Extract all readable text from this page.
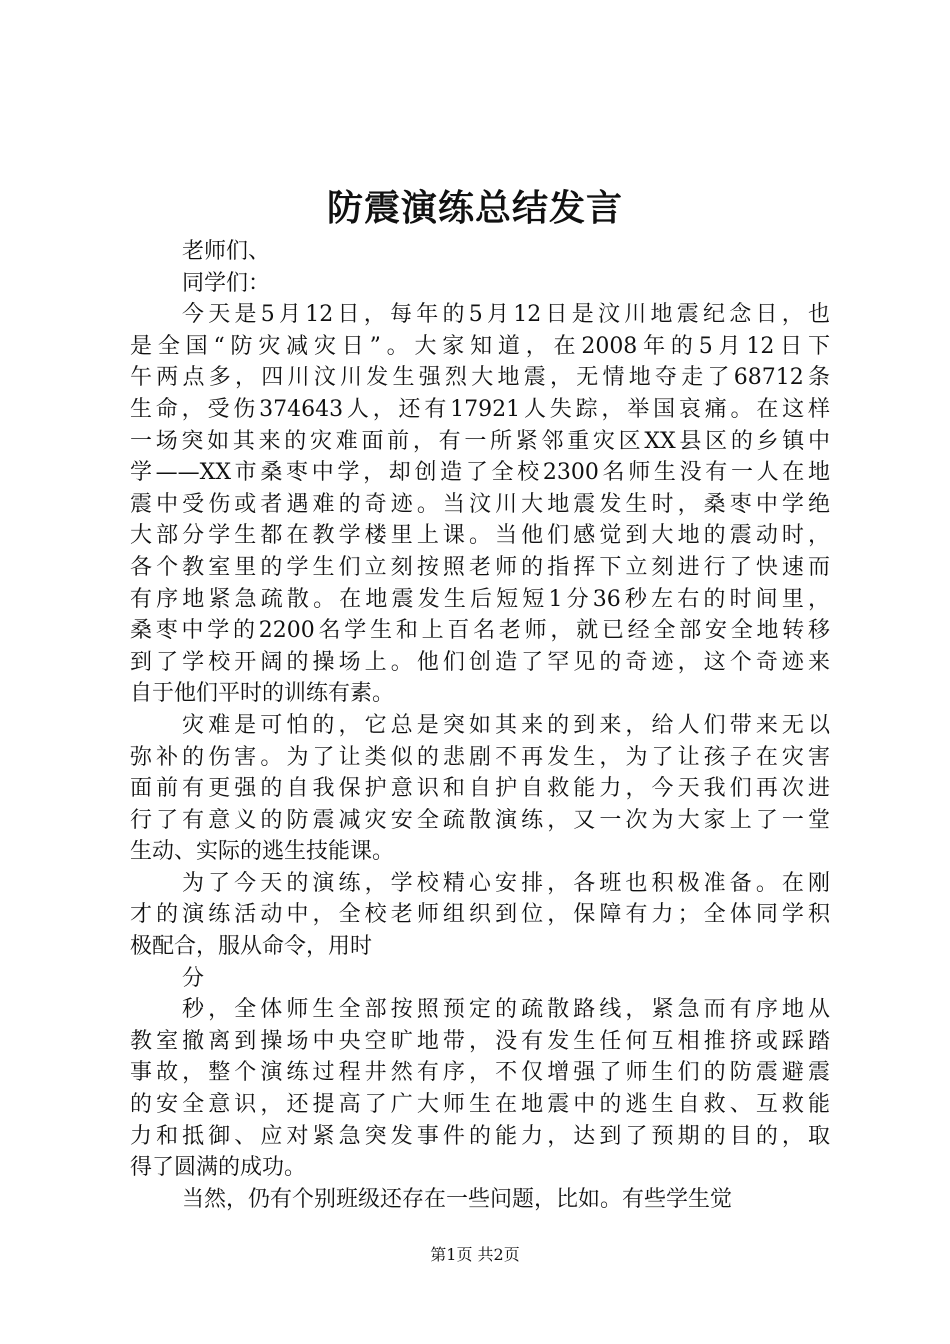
防震演练总结发言
老师们、
同学们：
今天是5月12日，每年的5月12日是汶川地震纪念日，也
是全国“防灾减灾日”。大家知道，在2008年的5月12日下
午两点多，四川汶川发生强烈大地震，无情地夺走了68712条
生命，受伤374643人，还有17921人失踪，举国哀痛。在这样
一场突如其来的灾难面前，有一所紧邻重灾区XX县区的乡镇中
学——XX市桑枣中学，却创造了全校2300名师生没有一人在地
震中受伤或者遇难的奇迹。当汶川大地震发生时，桑枣中学绝
大部分学生都在教学楼里上课。当他们感觉到大地的震动时，
各个教室里的学生们立刻按照老师的指挥下立刻进行了快速而
有序地紧急疏散。在地震发生后短短1分36秒左右的时间里，
桑枣中学的2200名学生和上百名老师，就已经全部安全地转移
到了学校开阔的操场上。他们创造了罕见的奇迹，这个奇迹来
自于他们平时的训练有素。
灾难是可怕的，它总是突如其来的到来，给人们带来无以
弥补的伤害。为了让类似的悲剧不再发生，为了让孩子在灾害
面前有更强的自我保护意识和自护自救能力，今天我们再次进
行了有意义的防震减灾安全疏散演练，又一次为大家上了一堂
生动、实际的逃生技能课。
为了今天的演练，学校精心安排，各班也积极准备。在刚
才的演练活动中，全校老师组织到位，保障有力；全体同学积
极配合，服从命令，用时
分
秒，全体师生全部按照预定的疏散路线，紧急而有序地从
教室撤离到操场中央空旷地带，没有发生任何互相推挤或踩踏
事故，整个演练过程井然有序，不仅增强了师生们的防震避震
的安全意识，还提高了广大师生在地震中的逃生自救、互救能
力和抵御、应对紧急突发事件的能力，达到了预期的目的，取
得了圆满的成功。
当然，仍有个别班级还存在一些问题，比如。有些学生觉
第1页 共2页
